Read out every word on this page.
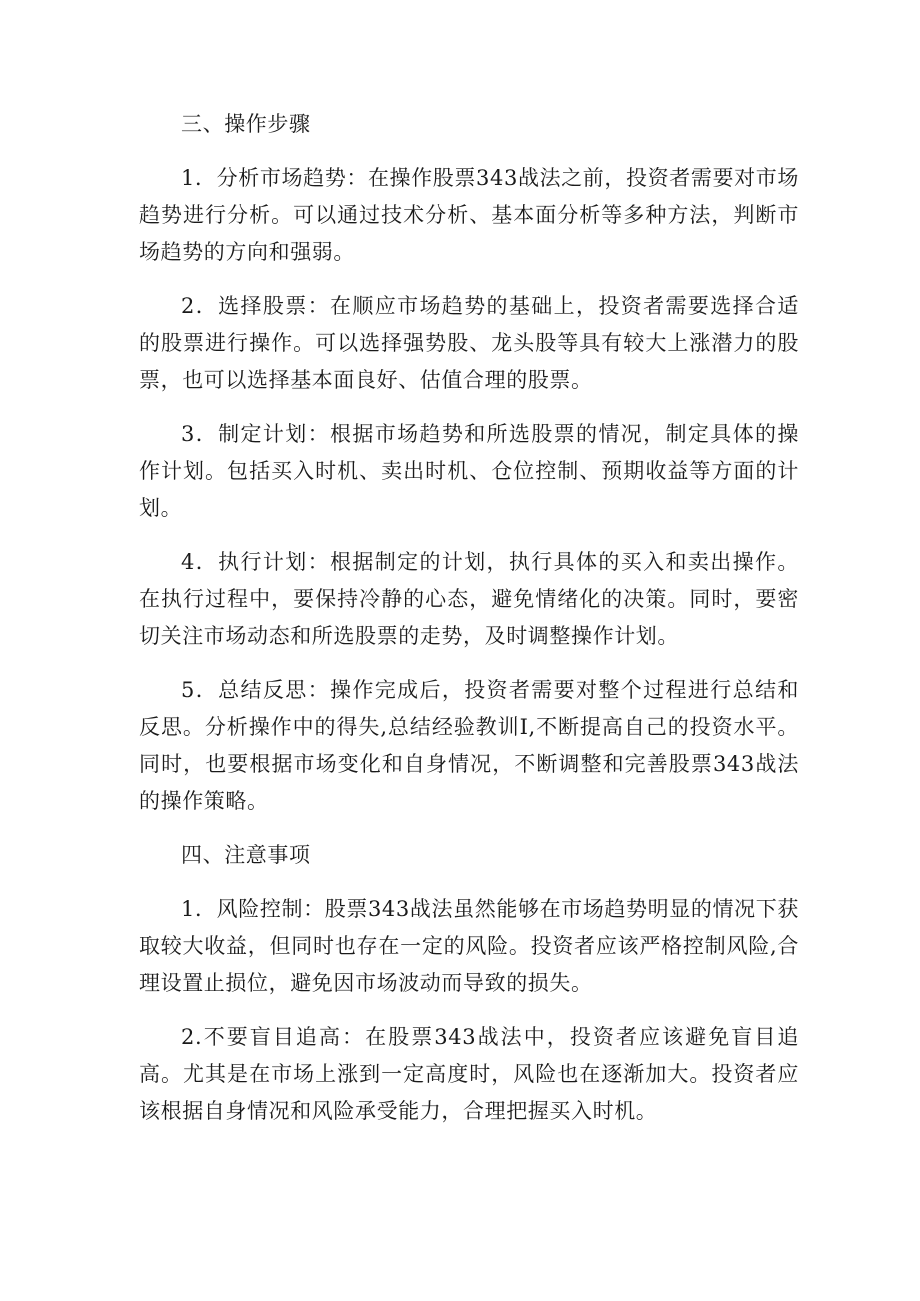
三、操作步骤

1．分析市场趋势：在操作股票343战法之前，投资者需要对市场趋势进行分析。可以通过技术分析、基本面分析等多种方法，判断市场趋势的方向和强弱。

2．选择股票：在顺应市场趋势的基础上，投资者需要选择合适的股票进行操作。可以选择强势股、龙头股等具有较大上涨潜力的股票，也可以选择基本面良好、估值合理的股票。

3．制定计划：根据市场趋势和所选股票的情况，制定具体的操作计划。包括买入时机、卖出时机、仓位控制、预期收益等方面的计划。

4．执行计划：根据制定的计划，执行具体的买入和卖出操作。在执行过程中，要保持冷静的心态，避免情绪化的决策。同时，要密切关注市场动态和所选股票的走势，及时调整操作计划。

5．总结反思：操作完成后，投资者需要对整个过程进行总结和反思。分析操作中的得失,总结经验教训I,不断提高自己的投资水平。同时，也要根据市场变化和自身情况，不断调整和完善股票343战法的操作策略。

四、注意事项

1．风险控制：股票343战法虽然能够在市场趋势明显的情况下获取较大收益，但同时也存在一定的风险。投资者应该严格控制风险,合理设置止损位，避免因市场波动而导致的损失。

2.不要盲目追高：在股票343战法中，投资者应该避免盲目追高。尤其是在市场上涨到一定高度时，风险也在逐渐加大。投资者应该根据自身情况和风险承受能力，合理把握买入时机。
